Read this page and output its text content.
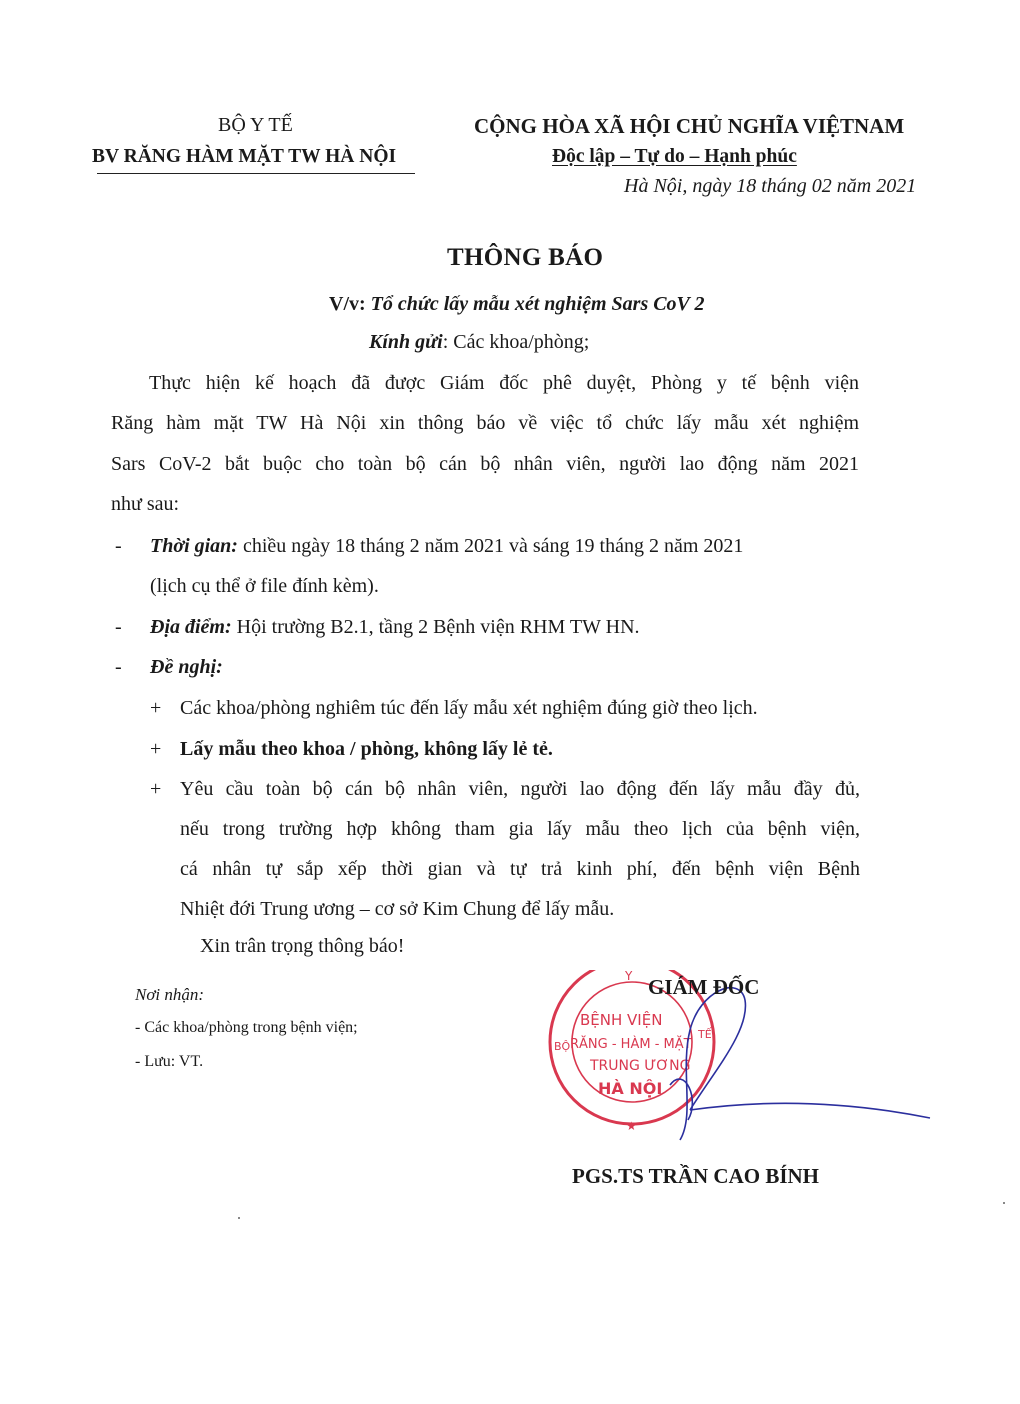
BỘ Y TẾ
BV RĂNG HÀM MẶT TW HÀ NỘI
CỘNG HÒA XÃ HỘI CHỦ NGHĨA VIỆTNAM
Độc lập – Tự do – Hạnh phúc
Hà Nội, ngày 18 tháng 02 năm 2021
THÔNG BÁO
V/v: Tổ chức lấy mẫu xét nghiệm Sars CoV 2
Kính gửi: Các khoa/phòng;
Thực hiện kế hoạch đã được Giám đốc phê duyệt, Phòng y tế bệnh viện
Răng hàm mặt TW Hà Nội xin thông báo về việc tổ chức lấy mẫu xét nghiệm
Sars CoV-2 bắt buộc cho toàn bộ cán bộ nhân viên, người lao động năm 2021
như sau:
- Thời gian: chiều ngày 18 tháng 2 năm 2021 và sáng 19 tháng 2 năm 2021
(lịch cụ thể ở file đính kèm).
- Địa điểm: Hội trường B2.1, tầng 2 Bệnh viện RHM TW HN.
- Đề nghị:
+ Các khoa/phòng nghiêm túc đến lấy mẫu xét nghiệm đúng giờ theo lịch.
+ Lấy mẫu theo khoa / phòng, không lấy lẻ tẻ.
+ Yêu cầu toàn bộ cán bộ nhân viên, người lao động đến lấy mẫu đầy đủ,
nếu trong trường hợp không tham gia lấy mẫu theo lịch của bệnh viện,
cá nhân tự sắp xếp thời gian và tự trả kinh phí, đến bệnh viện Bệnh
Nhiệt đới Trung ương – cơ sở Kim Chung để lấy mẫu.
Xin trân trọng thông báo!
Nơi nhận:
- Các khoa/phòng trong bệnh viện;
- Lưu: VT.
BỆNH VIỆN
RĂNG - HÀM - MẶT
TRUNG ƯƠNG
HÀ NỘI
Y
BỘ
TẾ
★
GIÁM ĐỐC
PGS.TS TRẦN CAO BÍNH
